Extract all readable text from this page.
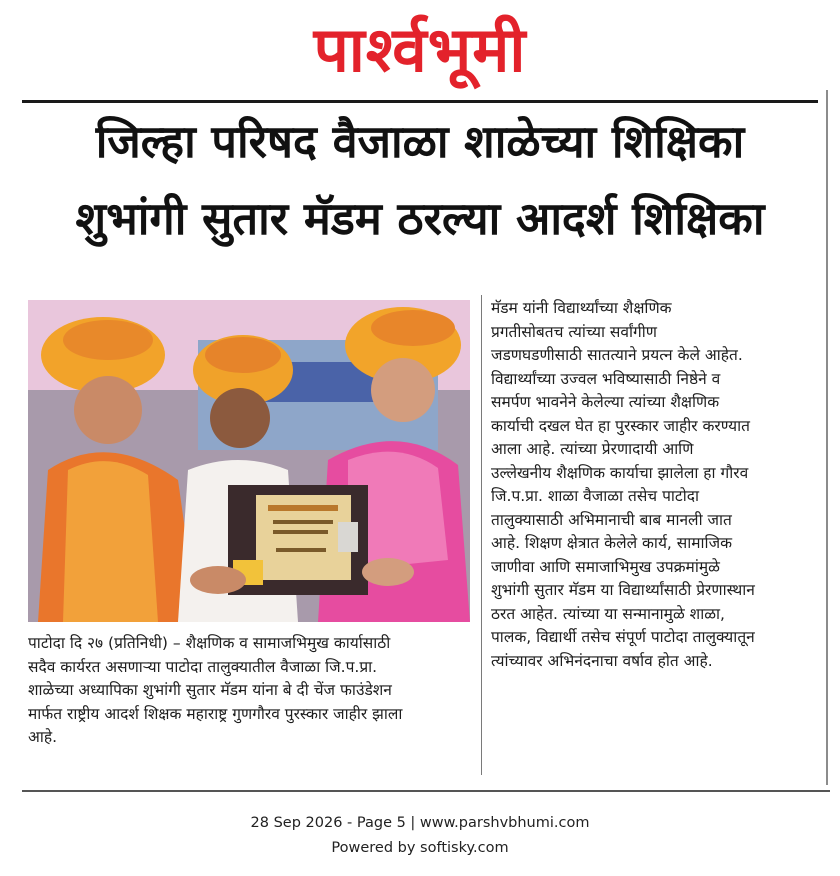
पार्श्वभूमी
जिल्हा परिषद वैजाळा शाळेच्या शिक्षिका
शुभांगी सुतार मॅडम ठरल्या आदर्श शिक्षिका
मॅडम यांनी विद्यार्थ्यांच्या शैक्षणिक
प्रगतीसोबतच त्यांच्या सर्वांगीण
जडणघडणीसाठी सातत्याने प्रयत्न केले आहेत.
विद्यार्थ्यांच्या उज्वल भविष्यासाठी निष्ठेने व
समर्पण भावनेने केलेल्या त्यांच्या शैक्षणिक
कार्याची दखल घेत हा पुरस्कार जाहीर करण्यात
आला आहे. त्यांच्या प्रेरणादायी आणि
उल्लेखनीय शैक्षणिक कार्याचा झालेला हा गौरव
जि.प.प्रा. शाळा वैजाळा तसेच पाटोदा
तालुक्यासाठी अभिमानाची बाब मानली जात
आहे. शिक्षण क्षेत्रात केलेले कार्य, सामाजिक
जाणीवा आणि समाजाभिमुख उपक्रमांमुळे
शुभांगी सुतार मॅडम या विद्यार्थ्यांसाठी प्रेरणास्थान
ठरत आहेत. त्यांच्या या सन्मानामुळे शाळा,
पालक, विद्यार्थी तसेच संपूर्ण पाटोदा तालुक्यातून
त्यांच्यावर अभिनंदनाचा वर्षाव होत आहे.
पाटोदा दि २७ (प्रतिनिधी) – शैक्षणिक व सामाजभिमुख कार्यासाठी
सदैव कार्यरत असणाऱ्या पाटोदा तालुक्यातील वैजाळा जि.प.प्रा.
शाळेच्या अध्यापिका शुभांगी सुतार मॅडम यांना बे दी चेंज फाउंडेशन
मार्फत राष्ट्रीय आदर्श शिक्षक महाराष्ट्र गुणगौरव पुरस्कार जाहीर झाला
आहे.
28 Sep 2026 - Page 5 | www.parshvbhumi.com
Powered by softisky.com
